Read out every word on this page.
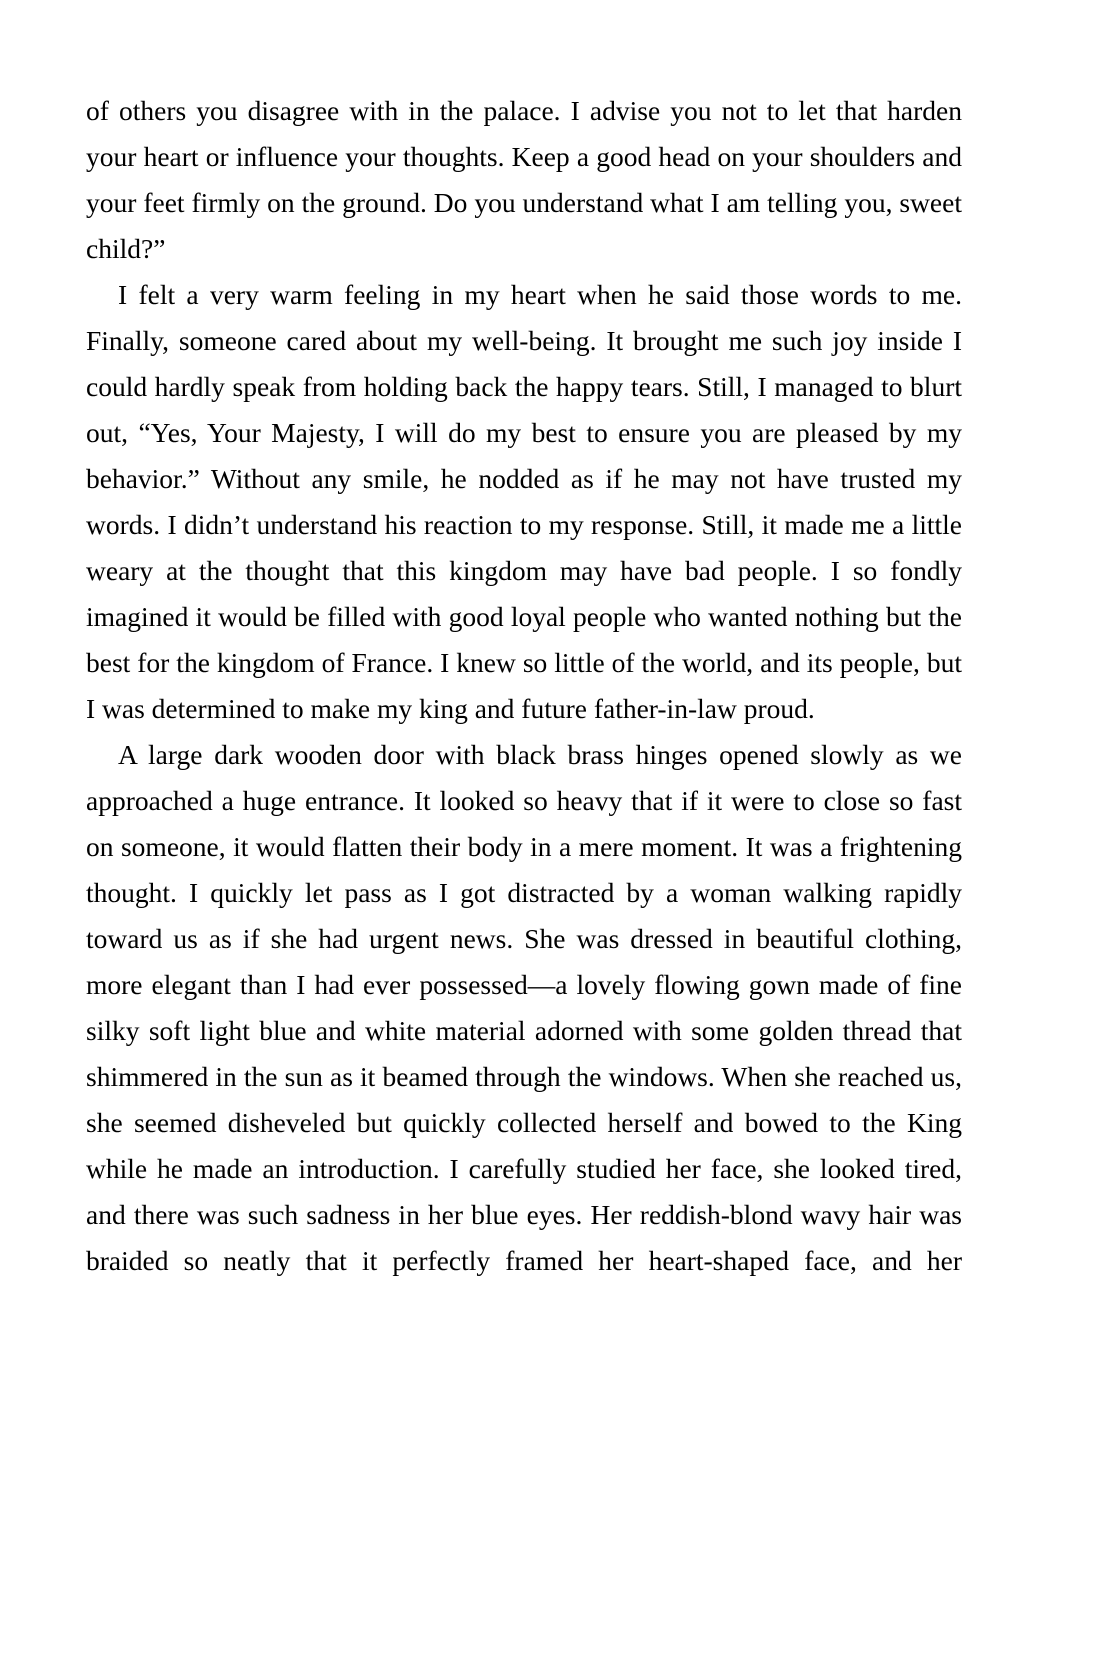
of others you disagree with in the palace. I advise you not to let that harden your heart or influence your thoughts. Keep a good head on your shoulders and your feet firmly on the ground. Do you understand what I am telling you, sweet child?”

I felt a very warm feeling in my heart when he said those words to me. Finally, someone cared about my well-being. It brought me such joy inside I could hardly speak from holding back the happy tears. Still, I managed to blurt out, “Yes, Your Majesty, I will do my best to ensure you are pleased by my behavior.” Without any smile, he nodded as if he may not have trusted my words. I didn’t understand his reaction to my response. Still, it made me a little weary at the thought that this kingdom may have bad people. I so fondly imagined it would be filled with good loyal people who wanted nothing but the best for the kingdom of France. I knew so little of the world, and its people, but I was determined to make my king and future father-in-law proud.

A large dark wooden door with black brass hinges opened slowly as we approached a huge entrance. It looked so heavy that if it were to close so fast on someone, it would flatten their body in a mere moment. It was a frightening thought. I quickly let pass as I got distracted by a woman walking rapidly toward us as if she had urgent news. She was dressed in beautiful clothing, more elegant than I had ever possessed—a lovely flowing gown made of fine silky soft light blue and white material adorned with some golden thread that shimmered in the sun as it beamed through the windows. When she reached us, she seemed disheveled but quickly collected herself and bowed to the King while he made an introduction. I carefully studied her face, she looked tired, and there was such sadness in her blue eyes. Her reddish-blond wavy hair was braided so neatly that it perfectly framed her heart-shaped face, and her
